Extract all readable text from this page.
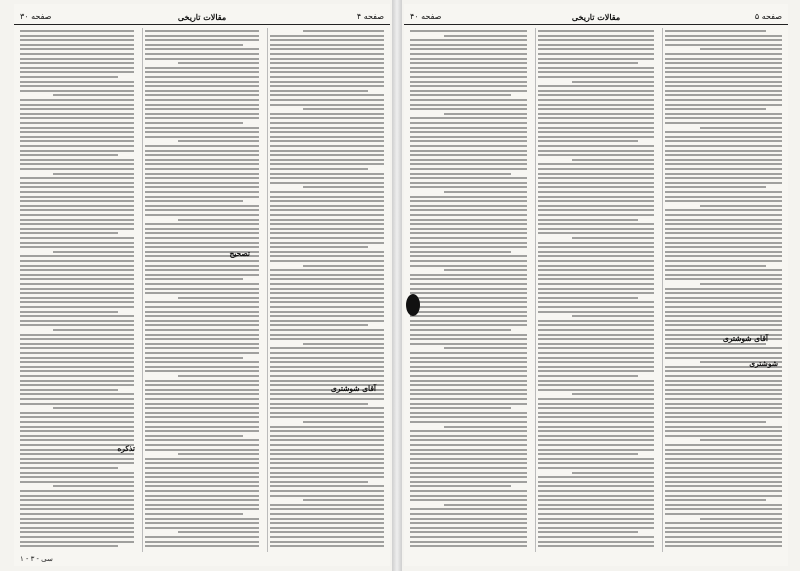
صفحه ۴
مقالات تاریخی
صفحه ۳۰
تصحیح
آقای شوشتری
تذکره
۱ - ۳ - سی
صفحه ۵
مقالات تاریخی
صفحه ۴۰
آقای شوشتری
شوشتری
